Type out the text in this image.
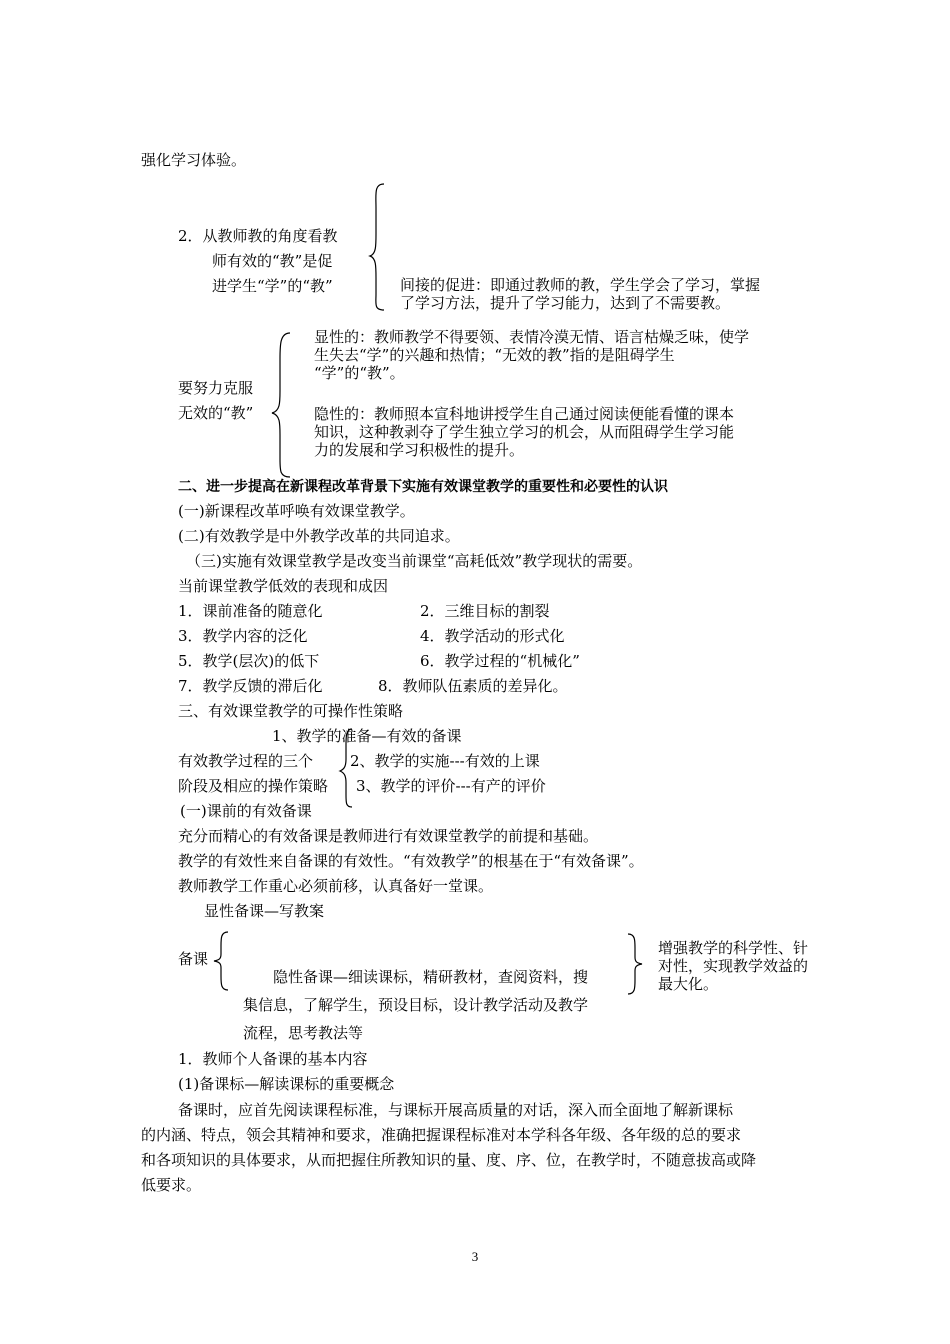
强化学习体验。
2．从教师教的角度看教
师有效的“教”是促
进学生“学”的“教”	间接的促进：即通过教师的教，学生学会了学习，掌握
了学习方法，提升了学习能力，达到了不需要教。
要努力克服
无效的“教”
显性的：教师教学不得要领、表情冷漠无情、语言枯燥乏味，使学
生失去“学”的兴趣和热情；“无效的教”指的是阻碍学生
“学”的“教”。
隐性的：教师照本宣科地讲授学生自己通过阅读便能看懂的课本
知识，这种教剥夺了学生独立学习的机会，从而阻碍学生学习能
力的发展和学习积极性的提升。
二、进一步提高在新课程改革背景下实施有效课堂教学的重要性和必要性的认识
(一)新课程改革呼唤有效课堂教学。
(二)有效教学是中外教学改革的共同追求。
（三)实施有效课堂教学是改变当前课堂“高耗低效”教学现状的需要。
当前课堂教学低效的表现和成因
1．课前准备的随意化	2．三维目标的割裂
3．教学内容的泛化	4．教学活动的形式化
5．教学(层次)的低下	6．教学过程的“机械化”
7．教学反馈的滞后化	8．教师队伍素质的差异化。
三、有效课堂教学的可操作性策略
有效教学过程的三个
阶段及相应的操作策略
1、教学的准备—有效的备课
2、教学的实施---有效的上课
3、教学的评价---有产的评价
(一)课前的有效备课
充分而精心的有效备课是教师进行有效课堂教学的前提和基础。
教学的有效性来自备课的有效性。“有效教学”的根基在于“有效备课”。
教师教学工作重心必须前移，认真备好一堂课。
显性备课—写教案
备课
隐性备课—细读课标，精研教材，查阅资料，搜
集信息，了解学生，预设目标，设计教学活动及教学
流程，思考教法等
增强教学的科学性、针
对性，实现教学效益的
最大化。
1．教师个人备课的基本内容
(1)备课标—解读课标的重要概念
备课时，应首先阅读课程标准，与课标开展高质量的对话，深入而全面地了解新课标
的内涵、特点，领会其精神和要求，准确把握课程标准对本学科各年级、各年级的总的要求
和各项知识的具体要求，从而把握住所教知识的量、度、序、位，在教学时，不随意拔高或降
低要求。
3
